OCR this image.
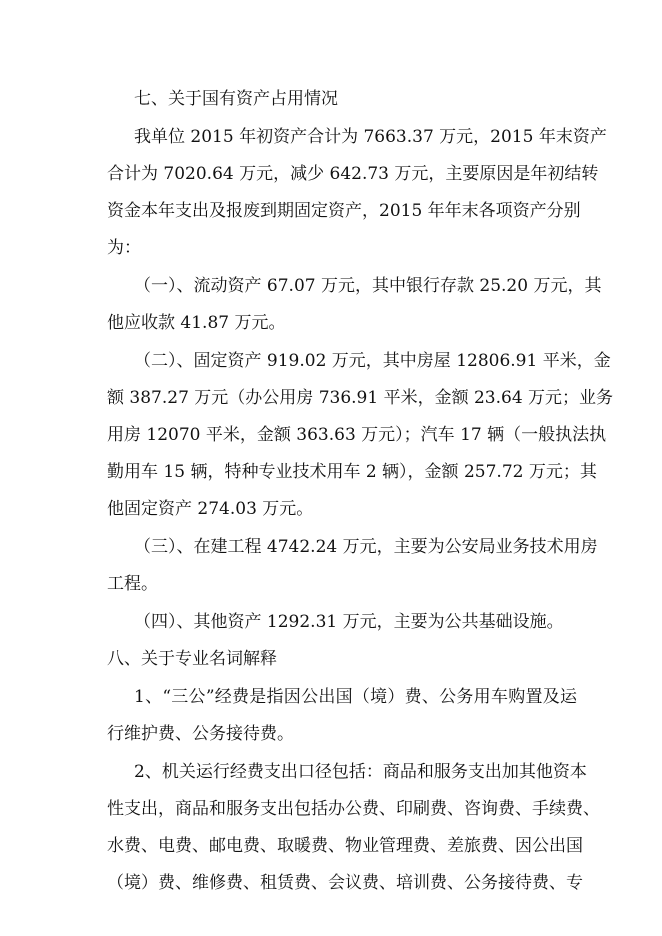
七、关于国有资产占用情况
我单位 2015 年初资产合计为 7663.37 万元，2015 年末资产
合计为 7020.64 万元，减少 642.73 万元，主要原因是年初结转
资金本年支出及报废到期固定资产，2015 年年末各项资产分别
为：
（一）、流动资产 67.07 万元，其中银行存款 25.20 万元，其
他应收款 41.87 万元。
（二）、固定资产 919.02 万元，其中房屋 12806.91 平米，金
额 387.27 万元（办公用房 736.91 平米，金额 23.64 万元；业务
用房 12070 平米，金额 363.63 万元）；汽车 17 辆（一般执法执
勤用车 15 辆，特种专业技术用车 2 辆），金额 257.72 万元；其
他固定资产 274.03 万元。
（三）、在建工程 4742.24 万元，主要为公安局业务技术用房
工程。
（四）、其他资产 1292.31 万元，主要为公共基础设施。
八、关于专业名词解释
1、“三公”经费是指因公出国（境）费、公务用车购置及运
行维护费、公务接待费。
2、机关运行经费支出口径包括：商品和服务支出加其他资本
性支出，商品和服务支出包括办公费、印刷费、咨询费、手续费、
水费、电费、邮电费、取暖费、物业管理费、差旅费、因公出国
（境）费、维修费、租赁费、会议费、培训费、公务接待费、专
